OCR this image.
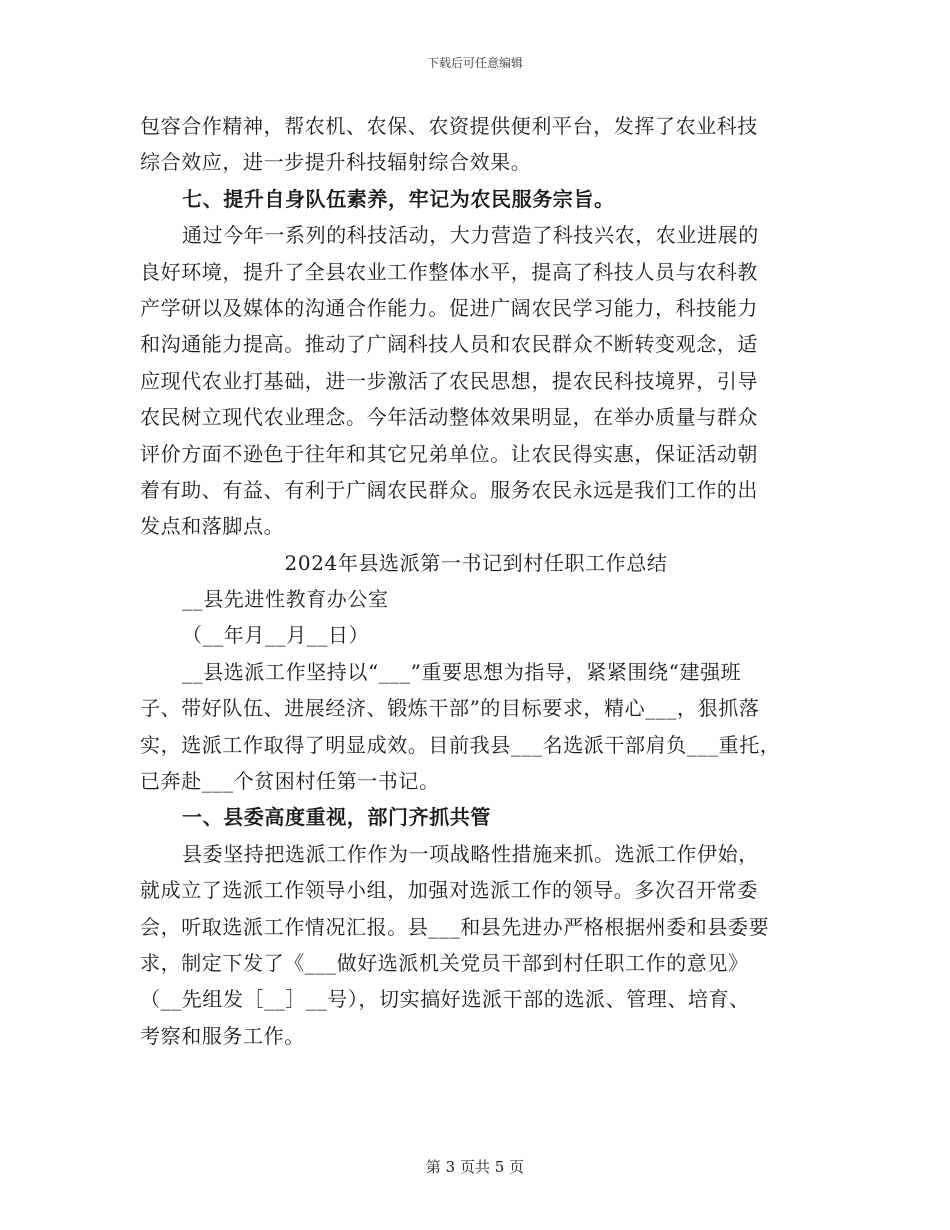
下载后可任意编辑
包容合作精神，帮农机、农保、农资提供便利平台，发挥了农业科技
综合效应，进一步提升科技辐射综合效果。
七、提升自身队伍素养，牢记为农民服务宗旨。
通过今年一系列的科技活动，大力营造了科技兴农，农业进展的
良好环境，提升了全县农业工作整体水平，提高了科技人员与农科教
产学研以及媒体的沟通合作能力。促进广阔农民学习能力，科技能力
和沟通能力提高。推动了广阔科技人员和农民群众不断转变观念，适
应现代农业打基础，进一步激活了农民思想，提农民科技境界，引导
农民树立现代农业理念。今年活动整体效果明显，在举办质量与群众
评价方面不逊色于往年和其它兄弟单位。让农民得实惠，保证活动朝
着有助、有益、有利于广阔农民群众。服务农民永远是我们工作的出
发点和落脚点。
2024年县选派第一书记到村任职工作总结
__县先进性教育办公室
（__年月__月__日）
__县选派工作坚持以“___”重要思想为指导，紧紧围绕“建强班
子、带好队伍、进展经济、锻炼干部”的目标要求，精心___，狠抓落
实，选派工作取得了明显成效。目前我县___名选派干部肩负___重托，
已奔赴___个贫困村任第一书记。
一、县委高度重视，部门齐抓共管
县委坚持把选派工作作为一项战略性措施来抓。选派工作伊始，
就成立了选派工作领导小组，加强对选派工作的领导。多次召开常委
会，听取选派工作情况汇报。县___和县先进办严格根据州委和县委要
求，制定下发了《___做好选派机关党员干部到村任职工作的意见》
（__先组发［__］__号），切实搞好选派干部的选派、管理、培育、
考察和服务工作。
第 3 页共 5 页
